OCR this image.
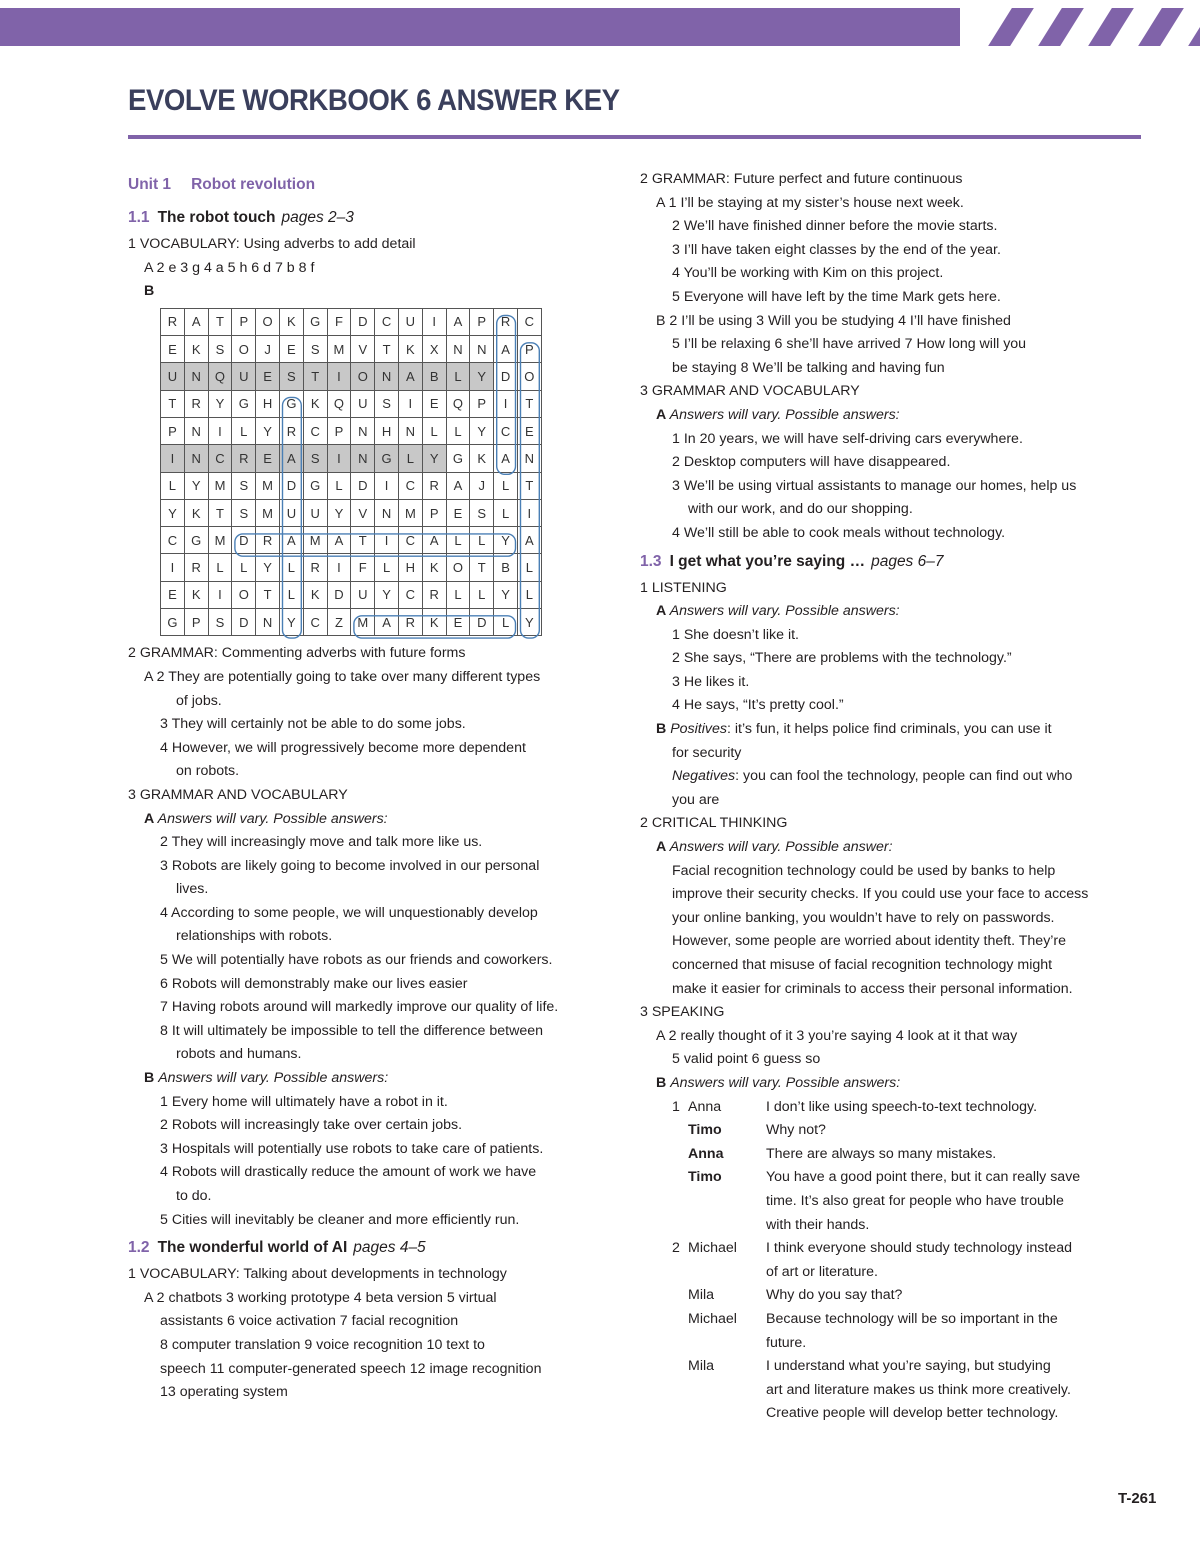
EVOLVE WORKBOOK 6 ANSWER KEY
Unit 1 Robot revolution
1.1 The robot touch pages 2–3
1 VOCABULARY: Using adverbs to add detail
A 2 e 3 g 4 a 5 h 6 d 7 b 8 f
B
R	A	T	P	O	K	G	F	D	C	U	I	A	P	R	C
E	K	S	O	J	E	S	M	V	T	K	X	N	N	A	P
U	N	Q	U	E	S	T	I	O	N	A	B	L	Y	D	O
T	R	Y	G	H	G	K	Q	U	S	I	E	Q	P	I	T
P	N	I	L	Y	R	C	P	N	H	N	L	L	Y	C	E
I	N	C	R	E	A	S	I	N	G	L	Y	G	K	A	N
L	Y	M	S	M	D	G	L	D	I	C	R	A	J	L	T
Y	K	T	S	M	U	U	Y	V	N	M	P	E	S	L	I
C	G	M	D	R	A	M	A	T	I	C	A	L	L	Y	A
I	R	L	L	Y	L	R	I	F	L	H	K	O	T	B	L
E	K	I	O	T	L	K	D	U	Y	C	R	L	L	Y	L
G	P	S	D	N	Y	C	Z	M	A	R	K	E	D	L	Y
2 GRAMMAR: Commenting adverbs with future forms
A 2 They are potentially going to take over many different types
of jobs.
3 They will certainly not be able to do some jobs.
4 However, we will progressively become more dependent
on robots.
3 GRAMMAR AND VOCABULARY
A Answers will vary. Possible answers:
2 They will increasingly move and talk more like us.
3 Robots are likely going to become involved in our personal
lives.
4 According to some people, we will unquestionably develop
relationships with robots.
5 We will potentially have robots as our friends and coworkers.
6 Robots will demonstrably make our lives easier
7 Having robots around will markedly improve our quality of life.
8 It will ultimately be impossible to tell the difference between
robots and humans.
B Answers will vary. Possible answers:
1 Every home will ultimately have a robot in it.
2 Robots will increasingly take over certain jobs.
3 Hospitals will potentially use robots to take care of patients.
4 Robots will drastically reduce the amount of work we have
to do.
5 Cities will inevitably be cleaner and more efficiently run.
1.2 The wonderful world of AI pages 4–5
1 VOCABULARY: Talking about developments in technology
A 2 chatbots 3 working prototype 4 beta version 5 virtual
assistants 6 voice activation 7 facial recognition
8 computer translation 9 voice recognition 10 text to
speech 11 computer-generated speech 12 image recognition
13 operating system
2 GRAMMAR: Future perfect and future continuous
A 1 I’ll be staying at my sister’s house next week.
2 We’ll have finished dinner before the movie starts.
3 I’ll have taken eight classes by the end of the year.
4 You’ll be working with Kim on this project.
5 Everyone will have left by the time Mark gets here.
B 2 I’ll be using 3 Will you be studying 4 I’ll have finished
5 I’ll be relaxing 6 she’ll have arrived 7 How long will you
be staying 8 We’ll be talking and having fun
3 GRAMMAR AND VOCABULARY
A Answers will vary. Possible answers:
1 In 20 years, we will have self-driving cars everywhere.
2 Desktop computers will have disappeared.
3 We’ll be using virtual assistants to manage our homes, help us
with our work, and do our shopping.
4 We’ll still be able to cook meals without technology.
1.3 I get what you’re saying … pages 6–7
1 LISTENING
A Answers will vary. Possible answers:
1 She doesn’t like it.
2 She says, “There are problems with the technology.”
3 He likes it.
4 He says, “It’s pretty cool.”
B Positives: it’s fun, it helps police find criminals, you can use it
for security
Negatives: you can fool the technology, people can find out who
you are
2 CRITICAL THINKING
A Answers will vary. Possible answer:
Facial recognition technology could be used by banks to help
improve their security checks. If you could use your face to access
your online banking, you wouldn’t have to rely on passwords.
However, some people are worried about identity theft. They’re
concerned that misuse of facial recognition technology might
make it easier for criminals to access their personal information.
3 SPEAKING
A 2 really thought of it 3 you’re saying 4 look at it that way
5 valid point 6 guess so
B Answers will vary. Possible answers:
1 Anna	I don’t like using speech-to-text technology.
Timo	Why not?
Anna	There are always so many mistakes.
Timo	You have a good point there, but it can really save
time. It’s also great for people who have trouble
with their hands.
2 Michael I think everyone should study technology instead
of art or literature.
Mila	Why do you say that?
Michael Because technology will be so important in the
future.
Mila	I understand what you’re saying, but studying
art and literature makes us think more creatively.
Creative people will develop better technology.
T-261
